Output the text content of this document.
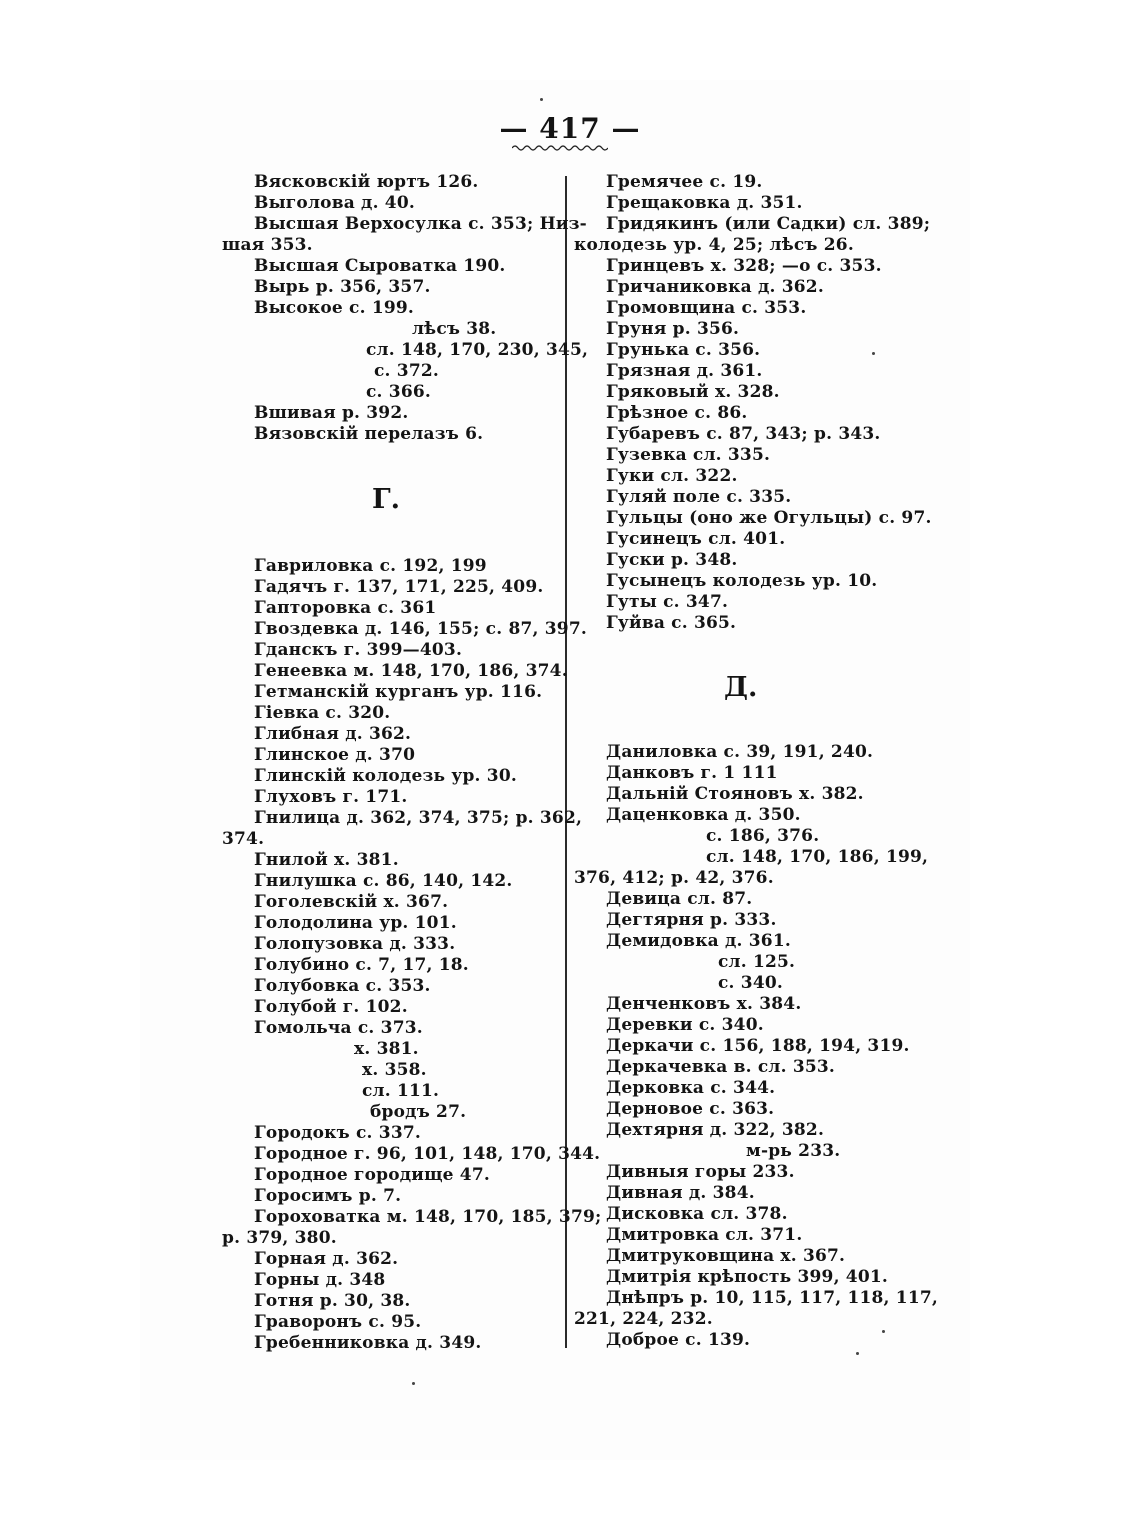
— 417 —
Вясковскій юртъ 126.
Выголова д. 40.
Высшая Верхосулка с. 353; Низ-
шая 353.
Высшая Сыроватка 190.
Вырь р. 356, 357.
Высокое с. 199.
лѣсъ 38.
сл. 148, 170, 230, 345,
с. 372.
с. 366.
Вшивая р. 392.
Вязовскій перелазъ 6.
Г.
Гавриловка с. 192, 199
Гадячъ г. 137, 171, 225, 409.
Гапторовка с. 361
Гвоздевка д. 146, 155; с. 87, 397.
Гданскъ г. 399—403.
Генеевка м. 148, 170, 186, 374.
Гетманскій курганъ ур. 116.
Гіевка с. 320.
Глибная д. 362.
Глинское д. 370
Глинскій колодезь ур. 30.
Глуховъ г. 171.
Гнилица д. 362, 374, 375; р. 362,
374.
Гнилой х. 381.
Гнилушка с. 86, 140, 142.
Гоголевскій х. 367.
Голодолина ур. 101.
Голопузовка д. 333.
Голубино с. 7, 17, 18.
Голубовка с. 353.
Голубой г. 102.
Гомольча с. 373.
х. 381.
х. 358.
сл. 111.
бродъ 27.
Городокъ с. 337.
Городное г. 96, 101, 148, 170, 344.
Городное городище 47.
Горосимъ р. 7.
Гороховатка м. 148, 170, 185, 379;
р. 379, 380.
Горная д. 362.
Горны д. 348
Готня р. 30, 38.
Граворонъ с. 95.
Гребенниковка д. 349.
Гремячее с. 19.
Грещаковка д. 351.
Гридякинъ (или Садки) сл. 389;
колодезь ур. 4, 25; лѣсъ 26.
Гринцевъ х. 328; —о с. 353.
Гричаниковка д. 362.
Громовщина с. 353.
Груня р. 356.
Грунька с. 356.
Грязная д. 361.
Гряковый х. 328.
Грѣзное с. 86.
Губаревъ с. 87, 343; р. 343.
Гузевка сл. 335.
Гуки сл. 322.
Гуляй поле с. 335.
Гульцы (оно же Огульцы) с. 97.
Гусинецъ сл. 401.
Гуски р. 348.
Гусынецъ колодезь ур. 10.
Гуты с. 347.
Гуйва с. 365.
Д.
Даниловка с. 39, 191, 240.
Данковъ г. 1 111
Дальній Стояновъ х. 382.
Даценковка д. 350.
с. 186, 376.
сл. 148, 170, 186, 199,
376, 412; р. 42, 376.
Девица сл. 87.
Дегтярня р. 333.
Демидовка д. 361.
сл. 125.
с. 340.
Денченковъ х. 384.
Деревки с. 340.
Деркачи с. 156, 188, 194, 319.
Деркачевка в. сл. 353.
Дерковка с. 344.
Дерновое с. 363.
Дехтярня д. 322, 382.
м-рь 233.
Дивныя горы 233.
Дивная д. 384.
Дисковка сл. 378.
Дмитровка сл. 371.
Дмитруковщина х. 367.
Дмитрія крѣпость 399, 401.
Днѣпръ р. 10, 115, 117, 118, 117,
221, 224, 232.
Доброе с. 139.
